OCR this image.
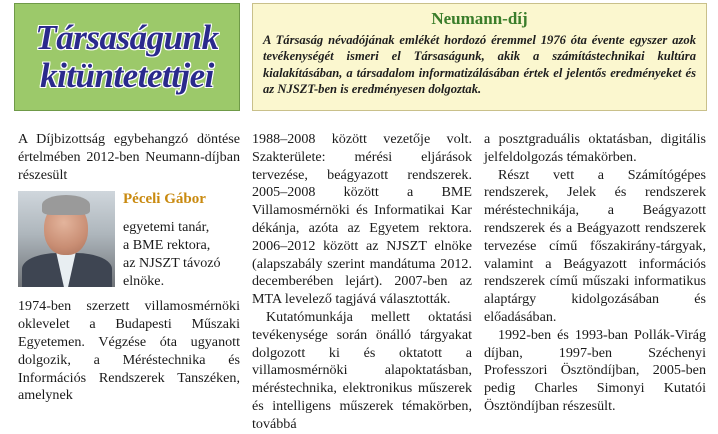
Társaságunk
kitüntetettjei
Neumann-díj
A Társaság névadójának emlékét hordozó éremmel 1976 óta évente egyszer azok tevékenységét ismeri el Társaságunk, akik a számítástechnikai kultúra kialakításában, a társadalom informatizálásában értek el jelentős eredményeket és az NJSZT-ben is eredményesen dolgoztak.

A Díjbizottság egybehangzó döntése értelmében 2012-ben Neumann-díjban részesült

Péceli Gábor
egyetemi tanár,
a BME rektora,
az NJSZT távozó
elnöke.

1974-ben szerzett villamosmérnöki oklevelet a Budapesti Műszaki Egyetemen. Végzése óta ugyanott dolgozik, a Méréstechnika és Információs Rendszerek Tanszéken, amelynek

1988–2008 között vezetője volt. Szakterülete: mérési eljárások tervezése, beágyazott rendszerek. 2005–2008 között a BME Villamosmérnöki és Informatikai Kar dékánja, azóta az Egyetem rektora. 2006–2012 között az NJSZT elnöke (alapszabály szerint mandátuma 2012. decemberében lejárt). 2007-ben az MTA levelező tagjává választották.

Kutatómunkája mellett oktatási tevékenysége során önálló tárgyakat dolgozott ki és oktatott a villamosmérnöki alapoktatásban, méréstechnika, elektronikus műszerek és intelligens műszerek témakörben, továbbá

a posztgraduális oktatásban, digitális jelfeldolgozás témakörben.

Részt vett a Számítógépes rendszerek, Jelek és rendszerek méréstechnikája, a Beágyazott rendszerek és a Beágyazott rendszerek tervezése című főszakirány-tárgyak, valamint a Beágyazott információs rendszerek című műszaki informatikus alaptárgy kidolgozásában és előadásában.

1992-ben és 1993-ban Pollák-Virág díjban, 1997-ben Széchenyi Professzori Ösztöndíjban, 2005-ben pedig Charles Simonyi Kutatói Ösztöndíjban részesült.
